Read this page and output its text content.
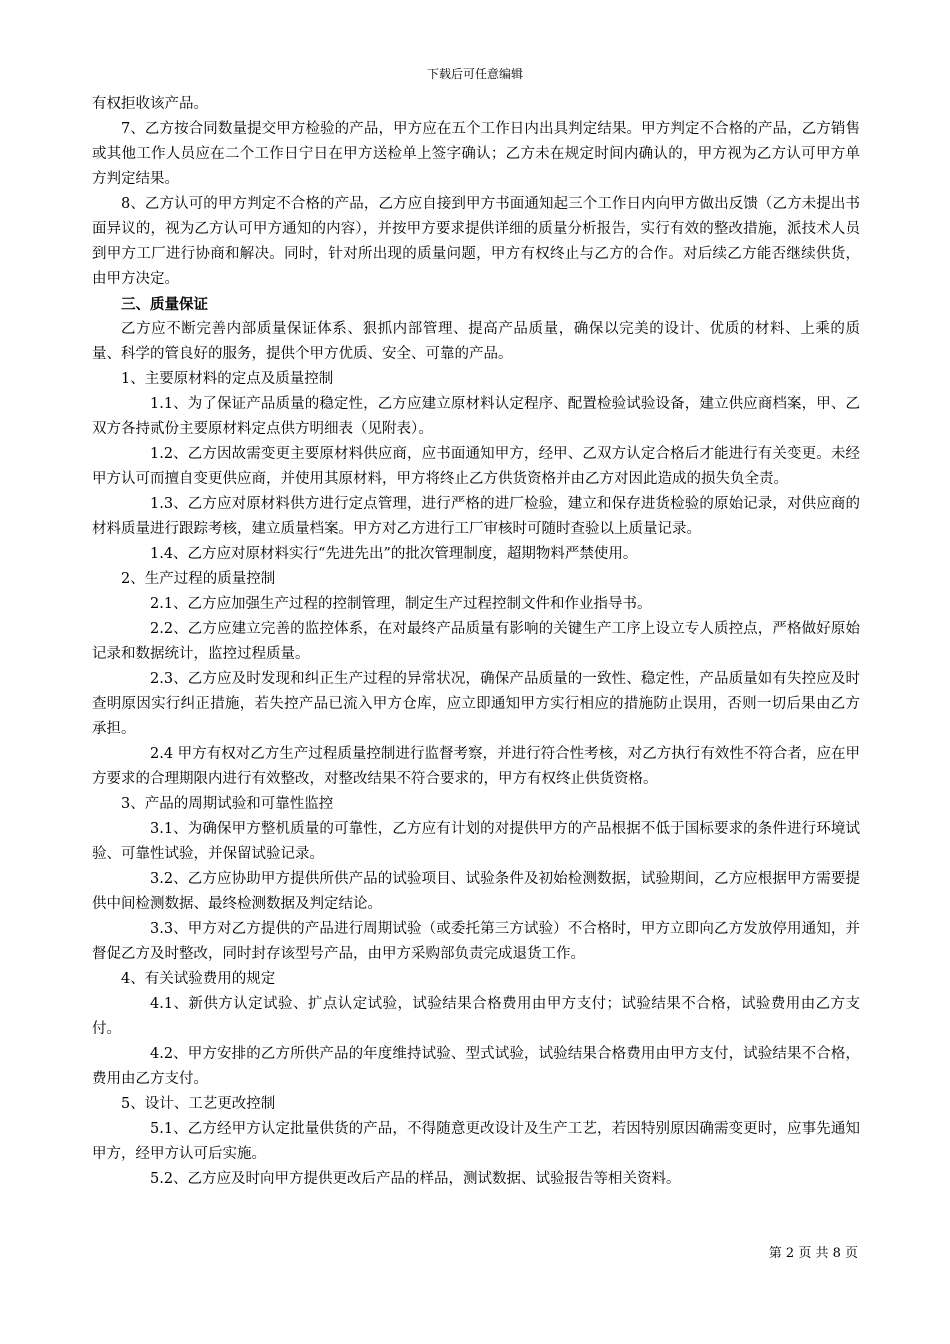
下载后可任意编辑

有权拒收该产品。

7、乙方按合同数量提交甲方检验的产品，甲方应在五个工作日内出具判定结果。甲方判定不合格的产品，乙方销售或其他工作人员应在二个工作日宁日在甲方送检单上签字确认；乙方未在规定时间内确认的，甲方视为乙方认可甲方单方判定结果。

8、乙方认可的甲方判定不合格的产品，乙方应自接到甲方书面通知起三个工作日内向甲方做出反馈（乙方未提出书面异议的，视为乙方认可甲方通知的内容），并按甲方要求提供详细的质量分析报告，实行有效的整改措施，派技术人员到甲方工厂进行协商和解决。同时，针对所出现的质量问题，甲方有权终止与乙方的合作。对后续乙方能否继续供货，由甲方决定。

三、质量保证

乙方应不断完善内部质量保证体系、狠抓内部管理、提高产品质量，确保以完美的设计、优质的材料、上乘的质量、科学的管良好的服务，提供个甲方优质、安全、可靠的产品。

1、主要原材料的定点及质量控制

1.1、为了保证产品质量的稳定性，乙方应建立原材料认定程序、配置检验试验设备，建立供应商档案，甲、乙双方各持贰份主要原材料定点供方明细表（见附表）。

1.2、乙方因故需变更主要原材料供应商，应书面通知甲方，经甲、乙双方认定合格后才能进行有关变更。未经甲方认可而擅自变更供应商，并使用其原材料，甲方将终止乙方供货资格并由乙方对因此造成的损失负全责。

1.3、乙方应对原材料供方进行定点管理，进行严格的进厂检验，建立和保存进货检验的原始记录，对供应商的材料质量进行跟踪考核，建立质量档案。甲方对乙方进行工厂审核时可随时查验以上质量记录。

1.4、乙方应对原材料实行“先进先出”的批次管理制度，超期物料严禁使用。

2、生产过程的质量控制

2.1、乙方应加强生产过程的控制管理，制定生产过程控制文件和作业指导书。

2.2、乙方应建立完善的监控体系，在对最终产品质量有影响的关键生产工序上设立专人质控点，严格做好原始记录和数据统计，监控过程质量。

2.3、乙方应及时发现和纠正生产过程的异常状况，确保产品质量的一致性、稳定性，产品质量如有失控应及时查明原因实行纠正措施，若失控产品已流入甲方仓库，应立即通知甲方实行相应的措施防止误用，否则一切后果由乙方承担。

2.4 甲方有权对乙方生产过程质量控制进行监督考察，并进行符合性考核，对乙方执行有效性不符合者，应在甲方要求的合理期限内进行有效整改，对整改结果不符合要求的，甲方有权终止供货资格。

3、产品的周期试验和可靠性监控

3.1、为确保甲方整机质量的可靠性，乙方应有计划的对提供甲方的产品根据不低于国标要求的条件进行环境试验、可靠性试验，并保留试验记录。

3.2、乙方应协助甲方提供所供产品的试验项目、试验条件及初始检测数据，试验期间，乙方应根据甲方需要提供中间检测数据、最终检测数据及判定结论。

3.3、甲方对乙方提供的产品进行周期试验（或委托第三方试验）不合格时，甲方立即向乙方发放停用通知，并督促乙方及时整改，同时封存该型号产品，由甲方采购部负责完成退货工作。

4、有关试验费用的规定

4.1、新供方认定试验、扩点认定试验，试验结果合格费用由甲方支付；试验结果不合格，试验费用由乙方支付。

4.2、甲方安排的乙方所供产品的年度维持试验、型式试验，试验结果合格费用由甲方支付，试验结果不合格，费用由乙方支付。

5、设计、工艺更改控制

5.1、乙方经甲方认定批量供货的产品，不得随意更改设计及生产工艺，若因特别原因确需变更时，应事先通知甲方，经甲方认可后实施。

5.2、乙方应及时向甲方提供更改后产品的样品，测试数据、试验报告等相关资料。

第 2 页 共 8 页
